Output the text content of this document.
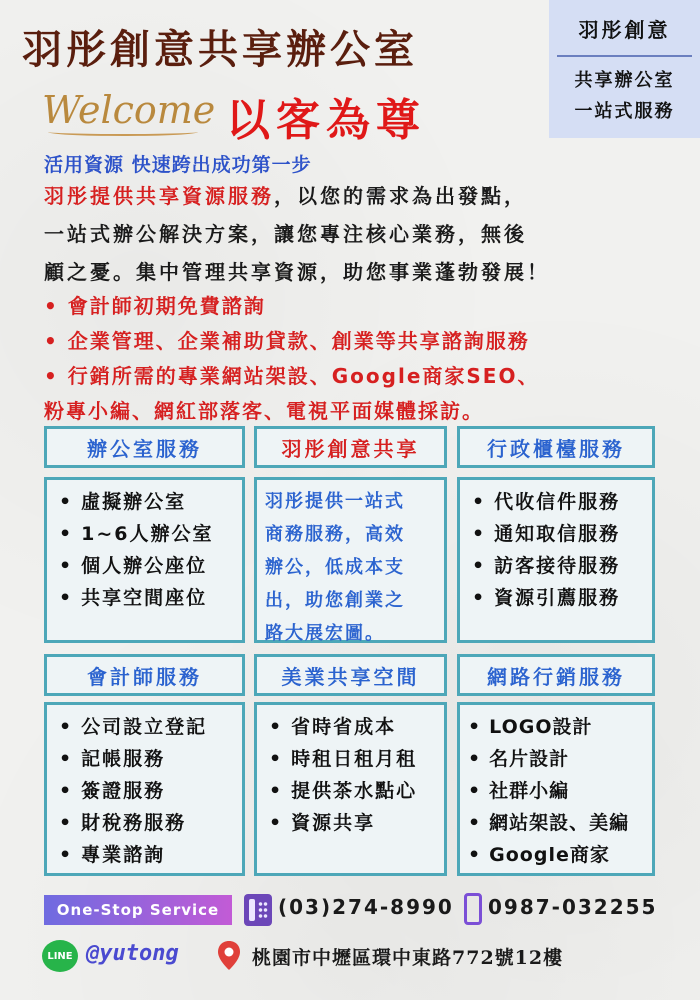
羽彤創意共享辦公室	羽彤創意
共享辦公室
一站式服務
Welcome 以客為尊
活用資源 快速跨出成功第一步
羽彤提供共享資源服務，以您的需求為出發點，
一站式辦公解決方案，讓您專注核心業務，無後
顧之憂。集中管理共享資源，助您事業蓬勃發展！
• 會計師初期免費諮詢
• 企業管理、企業補助貸款、創業等共享諮詢服務
• 行銷所需的專業網站架設、Google商家SEO、
粉專小編、網紅部落客、電視平面媒體採訪。
辦公室服務	羽彤創意共享	行政櫃檯服務
• 虛擬辦公室
• 1~6人辦公室
• 個人辦公座位
• 共享空間座位
羽彤提供一站式
商務服務，高效
辦公，低成本支
出，助您創業之
路大展宏圖。
• 代收信件服務
• 通知取信服務
• 訪客接待服務
• 資源引薦服務
會計師服務	美業共享空間	網路行銷服務
• 公司設立登記
• 記帳服務
• 簽證服務
• 財稅務服務
• 專業諮詢
• 省時省成本
• 時租日租月租
• 提供茶水點心
• 資源共享
• LOGO設計
• 名片設計
• 社群小編
• 網站架設、美編
• Google商家
One-Stop Service	(03)274-8990 0987-032255
LINE @yutong	桃園市中壢區環中東路772號12樓
